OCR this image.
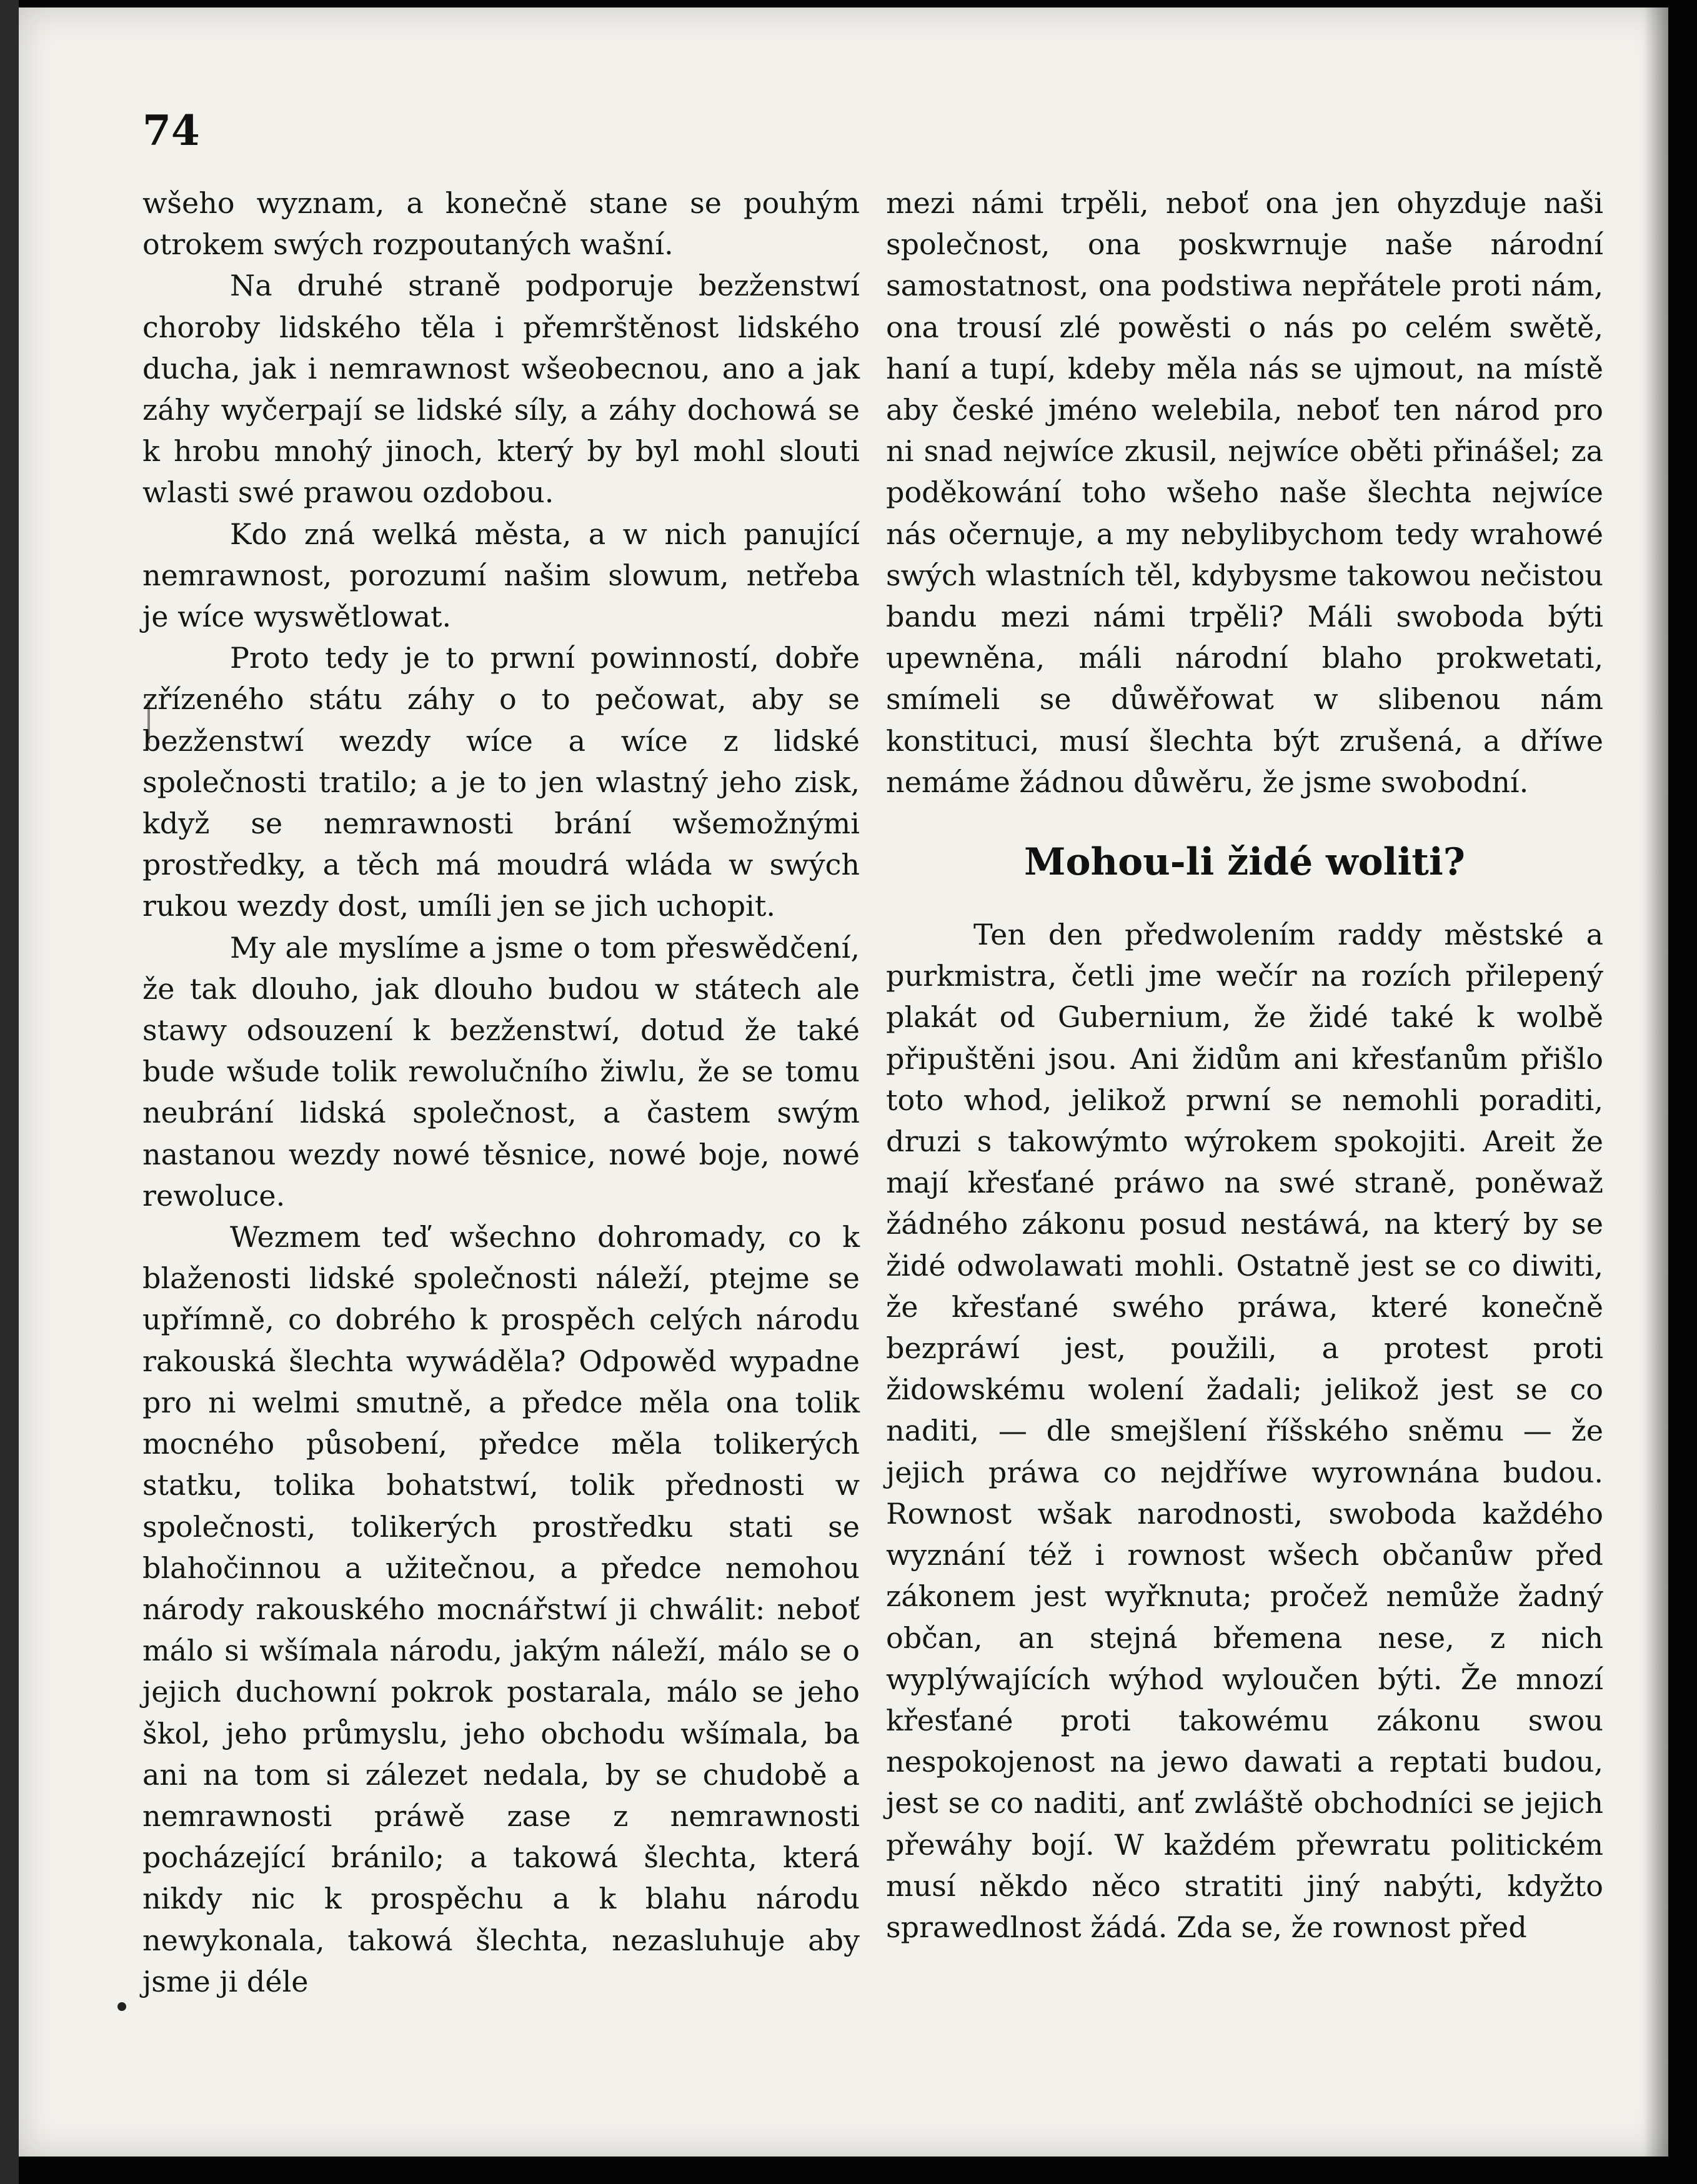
74

wšeho wyznam, a konečně stane se pouhým otrokem swých rozpoutaných wašní.

Na druhé straně podporuje bezženstwí choroby lidského těla i přemrštěnost lidského ducha, jak i nemrawnost wšeobecnou, ano a jak záhy wyčerpají se lidské síly, a záhy dochowá se k hrobu mnohý jinoch, který by byl mohl slouti wlasti swé prawou ozdobou.

Kdo zná welká města, a w nich panující nemrawnost, porozumí našim slowum, netřeba je wíce wyswětlowat.

Proto tedy je to prwní powinností, dobře zřízeného státu záhy o to pečowat, aby se bezženstwí wezdy wíce a wíce z lidské společnosti tratilo; a je to jen wlastný jeho zisk, když se nemrawnosti brání wšemožnými prostředky, a těch má moudrá wláda w swých rukou wezdy dost, umíli jen se jich uchopit.

My ale myslíme a jsme o tom přeswědčení, že tak dlouho, jak dlouho budou w státech ale stawy odsouzení k bezženstwí, dotud že také bude wšude tolik rewolučního žiwlu, že se tomu neubrání lidská společnost, a častem swým nastanou wezdy nowé těsnice, nowé boje, nowé rewoluce.

Wezmem teď wšechno dohromady, co k blaženosti lidské společnosti náleží, ptejme se upřímně, co dobrého k prospěch celých národu rakouská šlechta wywáděla? Odpowěd wypadne pro ni welmi smutně, a předce měla ona tolik mocného působení, předce měla tolikerých statku, tolika bohatstwí, tolik přednosti w společnosti, tolikerých prostředku stati se blahočinnou a užitečnou, a předce nemohou národy rakouského mocnářstwí ji chwálit: neboť málo si wšímala národu, jakým náleží, málo se o jejich duchowní pokrok postarala, málo se jeho škol, jeho průmyslu, jeho obchodu wšímala, ba ani na tom si zálezet nedala, by se chudobě a nemrawnosti práwě zase z nemrawnosti pocházející bránilo; a takowá šlechta, která nikdy nic k prospěchu a k blahu národu newykonala, takowá šlechta, nezasluhuje aby jsme ji déle

mezi námi trpěli, neboť ona jen ohyzduje naši společnost, ona poskwrnuje naše národní samostatnost, ona podstiwa nepřátele proti nám, ona trousí zlé powěsti o nás po celém swětě, haní a tupí, kdeby měla nás se ujmout, na místě aby české jméno welebila, neboť ten národ pro ni snad nejwíce zkusil, nejwíce oběti přinášel; za poděkowání toho wšeho naše šlechta nejwíce nás očernuje, a my nebylibychom tedy wrahowé swých wlastních těl, kdybysme takowou nečistou bandu mezi námi trpěli? Máli swoboda býti upewněna, máli národní blaho prokwetati, smímeli se důwěřowat w slibenou nám konstituci, musí šlechta být zrušená, a dříwe nemáme žádnou důwěru, že jsme swobodní.

Mohou-li židé woliti?

Ten den předwolením raddy městské a purkmistra, četli jme wečír na rozích přilepený plakát od Gubernium, že židé také k wolbě připuštěni jsou. Ani židům ani křesťanům přišlo toto whod, jelikož prwní se nemohli poraditi, druzi s takowýmto wýrokem spokojiti. Areit že mají křesťané práwo na swé straně, poněwaž žádného zákonu posud nestáwá, na který by se židé odwolawati mohli. Ostatně jest se co diwiti, že křesťané swého práwa, které konečně bezpráwí jest, použili, a protest proti židowskému wolení žadali; jelikož jest se co naditi, — dle smejšlení říšského sněmu — že jejich práwa co nejdříwe wyrownána budou. Rownost wšak narodnosti, swoboda každého wyznání též i rownost wšech občanůw před zákonem jest wyřknuta; pročež nemůže žadný občan, an stejná břemena nese, z nich wyplýwajících wýhod wyloučen býti. Že mnozí křesťané proti takowému zákonu swou nespokojenost na jewo dawati a reptati budou, jest se co naditi, anť zwláště obchodníci se jejich přewáhy bojí. W každém přewratu politickém musí někdo něco stratiti jiný nabýti, kdyžto sprawedlnost žádá. Zda se, že rownost před
